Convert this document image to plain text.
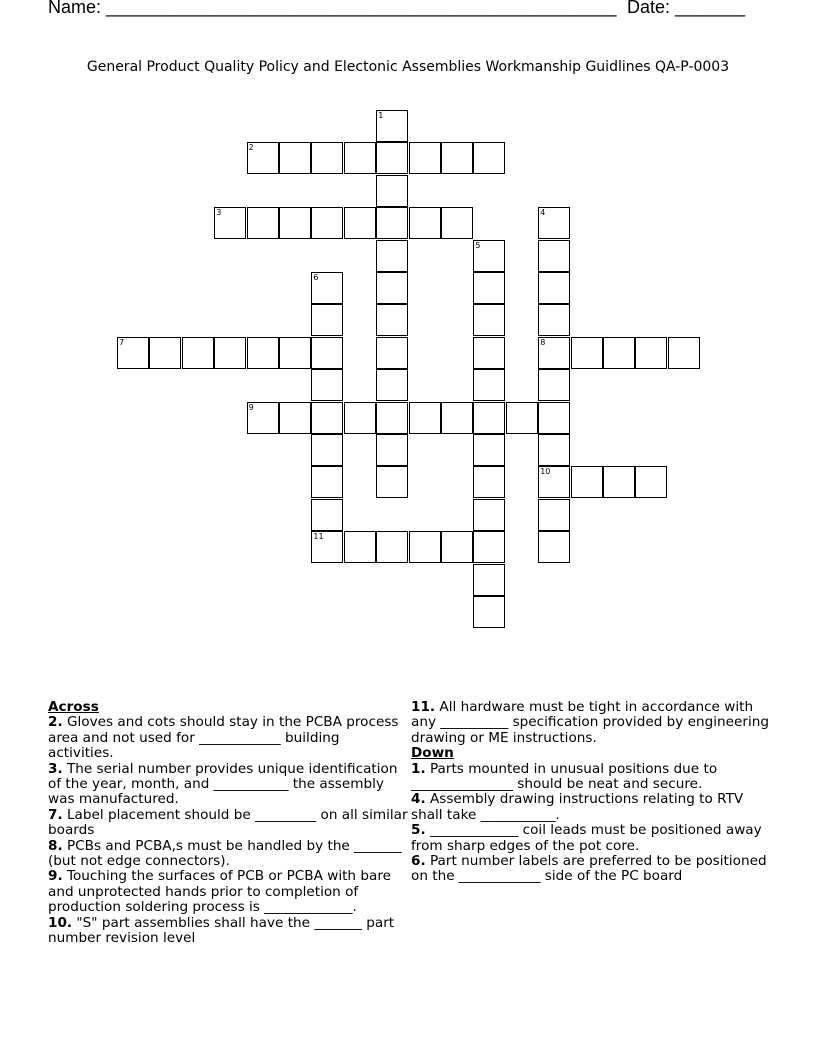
Name: ___________________________________________________ Date: _______
General Product Quality Policy and Electonic Assemblies Workmanship Guidlines QA-P-0003
1
2
3	4
8
10
5
6
11
7
9
Across
2. Gloves and cots should stay in the PCBA process area and not used for ____________ building activities.
3. The serial number provides unique identification of the year, month, and ___________ the assembly was manufactured.
7. Label placement should be _________ on all similar boards
8. PCBs and PCBA,s must be handled by the _______ (but not edge connectors).
9. Touching the surfaces of PCB or PCBA with bare and unprotected hands prior to completion of production soldering process is _____________.
10. "S" part assemblies shall have the _______ part number revision level
11. All hardware must be tight in accordance with any __________ specification provided by engineering drawing or ME instructions.
Down
1. Parts mounted in unusual positions due to _______________ should be neat and secure.
4. Assembly drawing instructions relating to RTV shall take ___________.
5. _____________ coil leads must be positioned away from sharp edges of the pot core.
6. Part number labels are preferred to be positioned on the ____________ side of the PC board
